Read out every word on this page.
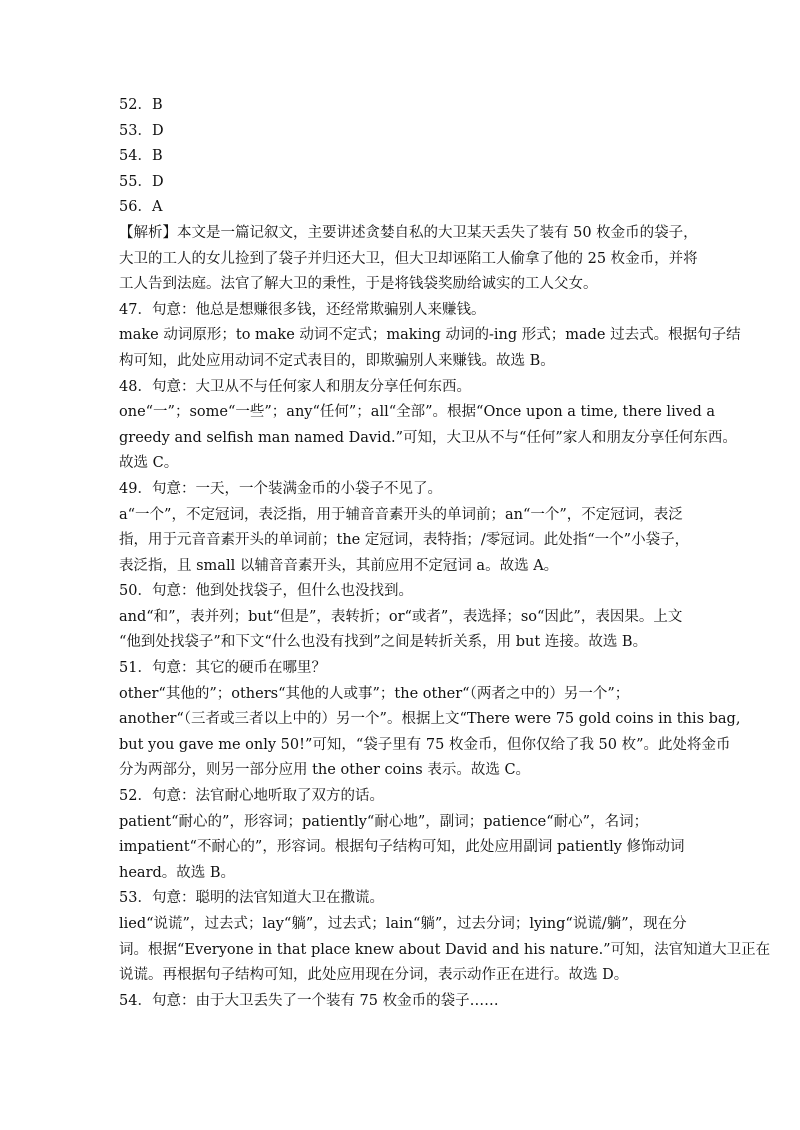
52．B
53．D
54．B
55．D
56．A
【解析】本文是一篇记叙文，主要讲述贪婪自私的大卫某天丢失了装有 50 枚金币的袋子，
大卫的工人的女儿捡到了袋子并归还大卫，但大卫却诬陷工人偷拿了他的 25 枚金币，并将
工人告到法庭。法官了解大卫的秉性，于是将钱袋奖励给诚实的工人父女。
47．句意：他总是想赚很多钱，还经常欺骗别人来赚钱。
make 动词原形；to make 动词不定式；making 动词的-ing 形式；made 过去式。根据句子结
构可知，此处应用动词不定式表目的，即欺骗别人来赚钱。故选 B。
48．句意：大卫从不与任何家人和朋友分享任何东西。
one“一”；some“一些”；any“任何”；all“全部”。根据“Once upon a time, there lived a
greedy and selfish man named David.”可知，大卫从不与“任何”家人和朋友分享任何东西。
故选 C。
49．句意：一天，一个装满金币的小袋子不见了。
a“一个”，不定冠词，表泛指，用于辅音音素开头的单词前；an“一个”，不定冠词，表泛
指，用于元音音素开头的单词前；the 定冠词，表特指；/零冠词。此处指“一个”小袋子，
表泛指，且 small 以辅音音素开头，其前应用不定冠词 a。故选 A。
50．句意：他到处找袋子，但什么也没找到。
and“和”，表并列；but“但是”，表转折；or“或者”，表选择；so“因此”，表因果。上文
“他到处找袋子”和下文“什么也没有找到”之间是转折关系，用 but 连接。故选 B。
51．句意：其它的硬币在哪里？
other“其他的”；others“其他的人或事”；the other“（两者之中的）另一个”；
another“（三者或三者以上中的）另一个”。根据上文“There were 75 gold coins in this bag,
but you gave me only 50!”可知，“袋子里有 75 枚金币，但你仅给了我 50 枚”。此处将金币
分为两部分，则另一部分应用 the other coins 表示。故选 C。
52．句意：法官耐心地听取了双方的话。
patient“耐心的”，形容词；patiently“耐心地”，副词；patience“耐心”，名词；
impatient“不耐心的”，形容词。根据句子结构可知，此处应用副词 patiently 修饰动词
heard。故选 B。
53．句意：聪明的法官知道大卫在撒谎。
lied“说谎”，过去式；lay“躺”，过去式；lain“躺”，过去分词；lying“说谎/躺”，现在分
词。根据“Everyone in that place knew about David and his nature.”可知，法官知道大卫正在
说谎。再根据句子结构可知，此处应用现在分词，表示动作正在进行。故选 D。
54．句意：由于大卫丢失了一个装有 75 枚金币的袋子……
